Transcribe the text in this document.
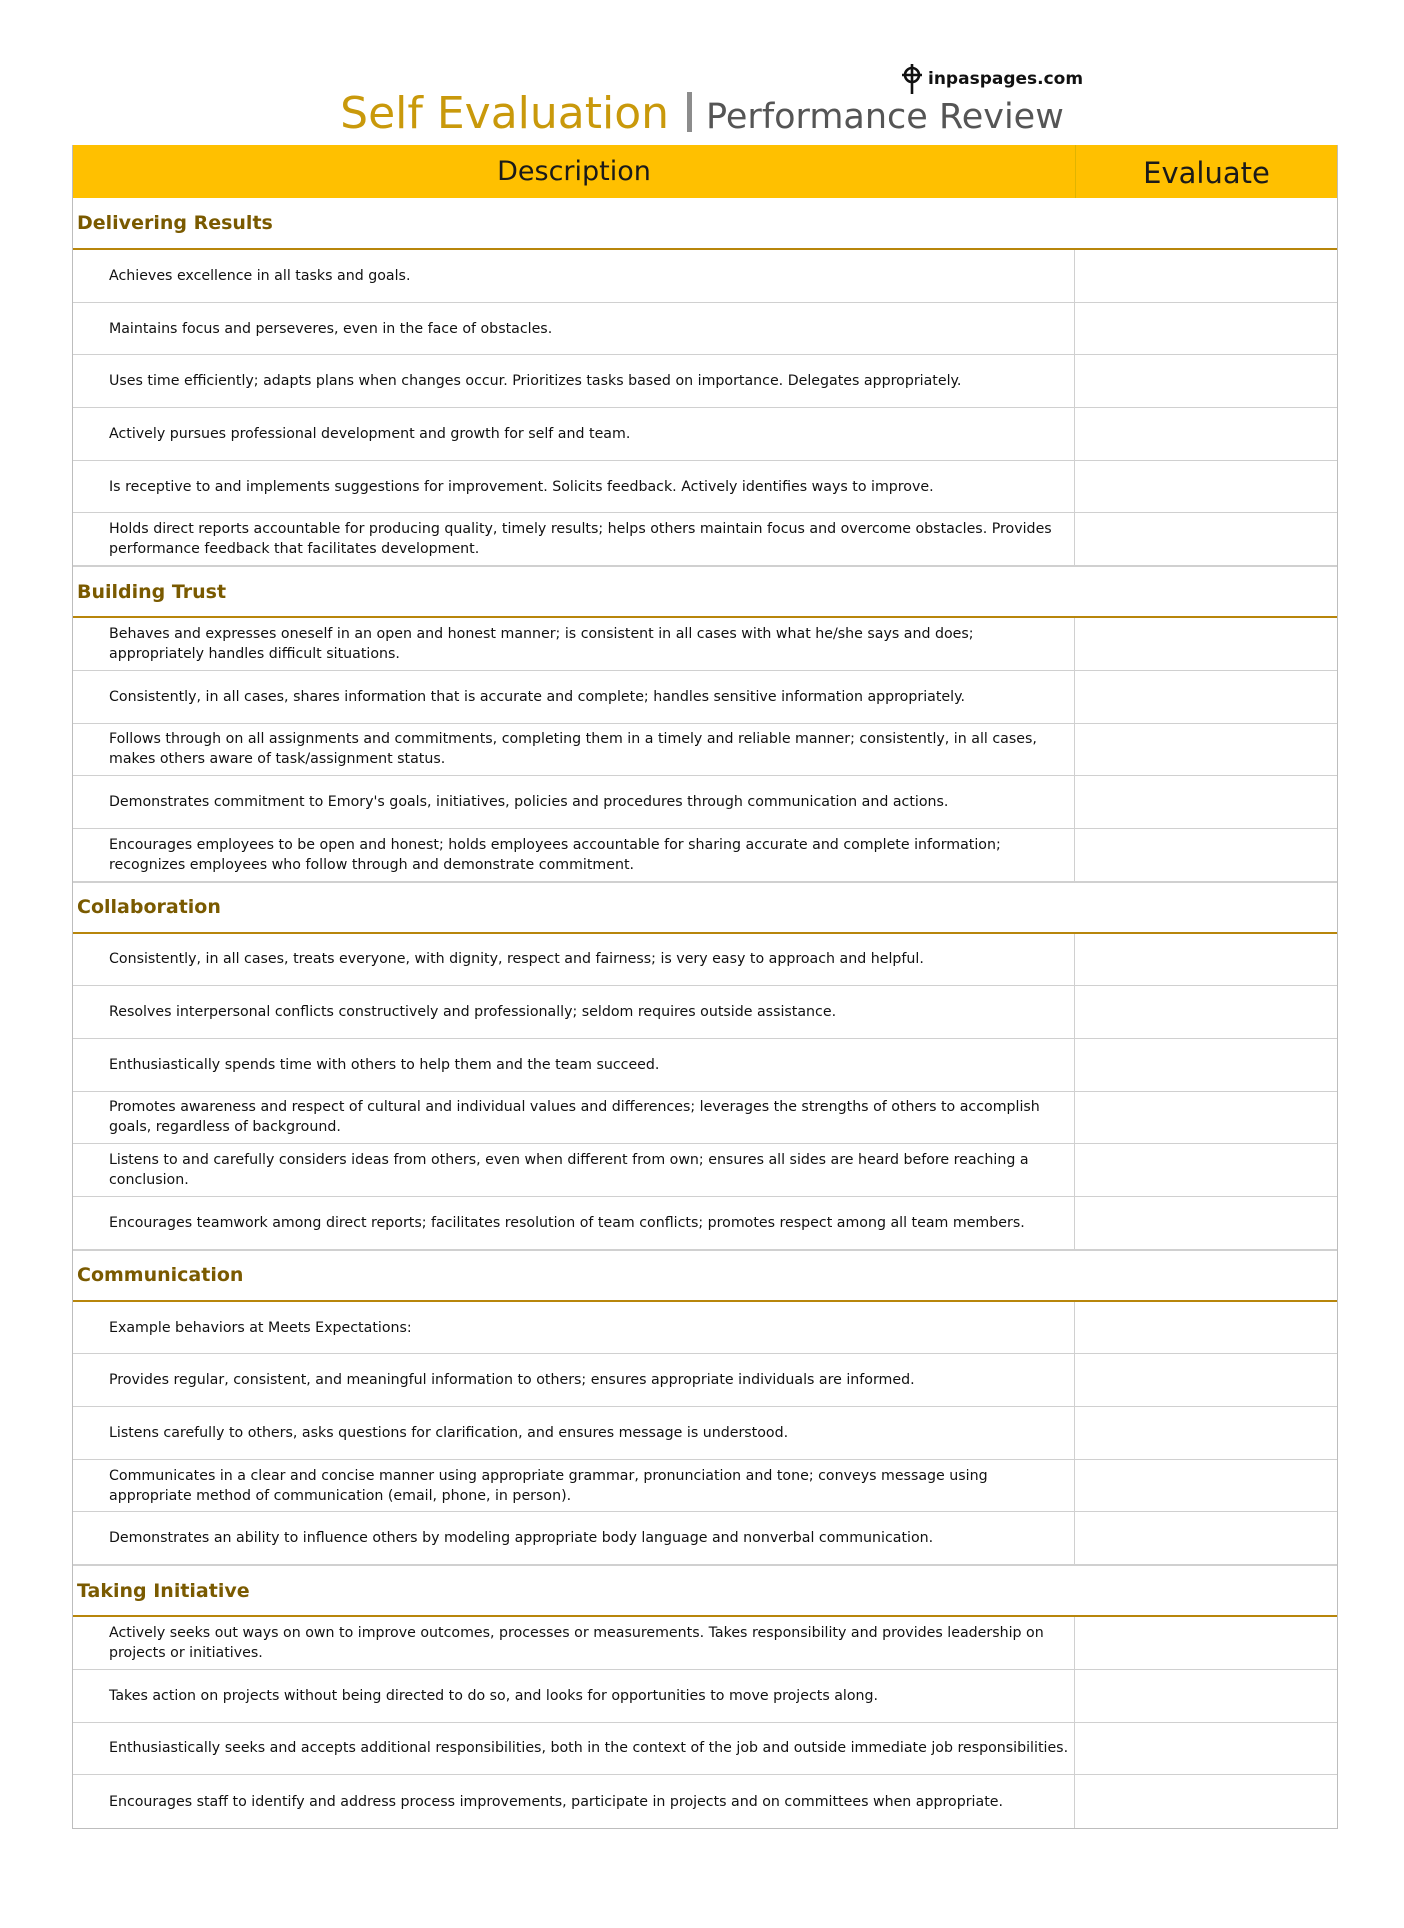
inpaspages.com
Self Evaluation Performance Review
Description	Evaluate
Delivering Results
Achieves excellence in all tasks and goals.
Maintains focus and perseveres, even in the face of obstacles.
Uses time efficiently; adapts plans when changes occur. Prioritizes tasks based on importance. Delegates appropriately.
Actively pursues professional development and growth for self and team.
Is receptive to and implements suggestions for improvement. Solicits feedback. Actively identifies ways to improve.
Holds direct reports accountable for producing quality, timely results; helps others maintain focus and overcome obstacles. Provides performance feedback that facilitates development.
Building Trust
Behaves and expresses oneself in an open and honest manner; is consistent in all cases with what he/she says and does; appropriately handles difficult situations.
Consistently, in all cases, shares information that is accurate and complete; handles sensitive information appropriately.
Follows through on all assignments and commitments, completing them in a timely and reliable manner; consistently, in all cases, makes others aware of task/assignment status.
Demonstrates commitment to Emory's goals, initiatives, policies and procedures through communication and actions.
Encourages employees to be open and honest; holds employees accountable for sharing accurate and complete information; recognizes employees who follow through and demonstrate commitment.
Collaboration
Consistently, in all cases, treats everyone, with dignity, respect and fairness; is very easy to approach and helpful.
Resolves interpersonal conflicts constructively and professionally; seldom requires outside assistance.
Enthusiastically spends time with others to help them and the team succeed.
Promotes awareness and respect of cultural and individual values and differences; leverages the strengths of others to accomplish goals, regardless of background.
Listens to and carefully considers ideas from others, even when different from own; ensures all sides are heard before reaching a conclusion.
Encourages teamwork among direct reports; facilitates resolution of team conflicts; promotes respect among all team members.
Communication
Example behaviors at Meets Expectations:
Provides regular, consistent, and meaningful information to others; ensures appropriate individuals are informed.
Listens carefully to others, asks questions for clarification, and ensures message is understood.
Communicates in a clear and concise manner using appropriate grammar, pronunciation and tone; conveys message using appropriate method of communication (email, phone, in person).
Demonstrates an ability to influence others by modeling appropriate body language and nonverbal communication.
Taking Initiative
Actively seeks out ways on own to improve outcomes, processes or measurements. Takes responsibility and provides leadership on projects or initiatives.
Takes action on projects without being directed to do so, and looks for opportunities to move projects along.
Enthusiastically seeks and accepts additional responsibilities, both in the context of the job and outside immediate job responsibilities.
Encourages staff to identify and address process improvements, participate in projects and on committees when appropriate.
